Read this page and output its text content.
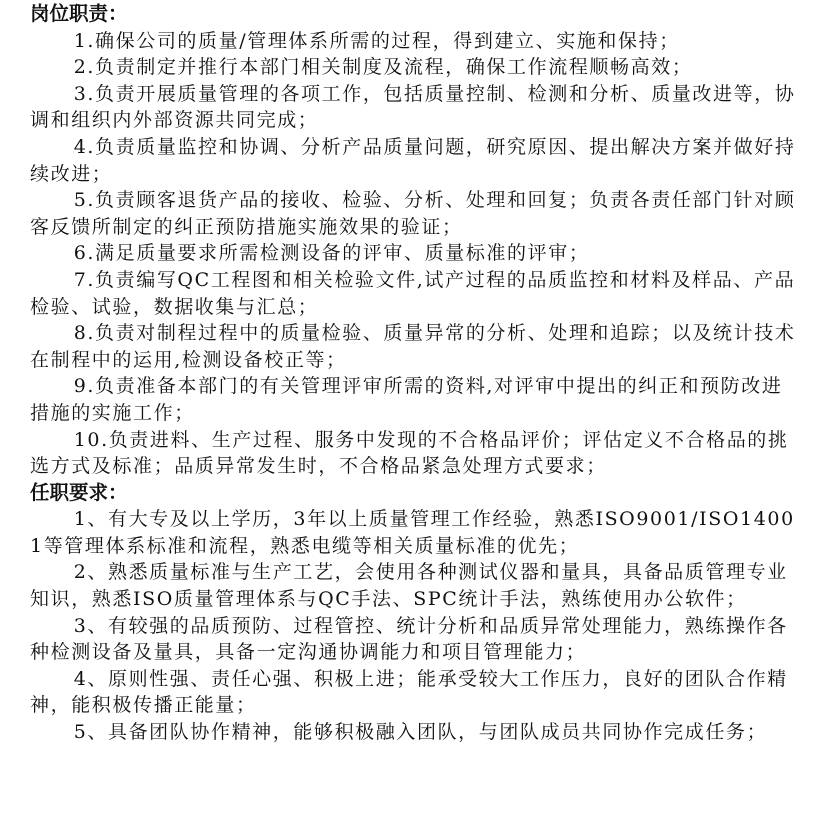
岗位职责：

1.确保公司的质量/管理体系所需的过程，得到建立、实施和保持；
2.负责制定并推行本部门相关制度及流程，确保工作流程顺畅高效；
3.负责开展质量管理的各项工作，包括质量控制、检测和分析、质量改进等，协调和组织内外部资源共同完成；
4.负责质量监控和协调、分析产品质量问题，研究原因、提出解决方案并做好持续改进；
5.负责顾客退货产品的接收、检验、分析、处理和回复；负责各责任部门针对顾客反馈所制定的纠正预防措施实施效果的验证；
6.满足质量要求所需检测设备的评审、质量标准的评审；
7.负责编写QC工程图和相关检验文件,试产过程的品质监控和材料及样品、产品检验、试验，数据收集与汇总；
8.负责对制程过程中的质量检验、质量异常的分析、处理和追踪；以及统计技术在制程中的运用,检测设备校正等；
9.负责准备本部门的有关管理评审所需的资料,对评审中提出的纠正和预防改进措施的实施工作；
10.负责进料、生产过程、服务中发现的不合格品评价；评估定义不合格品的挑选方式及标准；品质异常发生时，不合格品紧急处理方式要求；

任职要求：

1、有大专及以上学历，3年以上质量管理工作经验，熟悉ISO9001/ISO14001等管理体系标准和流程，熟悉电缆等相关质量标准的优先；
2、熟悉质量标准与生产工艺，会使用各种测试仪器和量具，具备品质管理专业知识，熟悉ISO质量管理体系与QC手法、SPC统计手法，熟练使用办公软件；
3、有较强的品质预防、过程管控、统计分析和品质异常处理能力，熟练操作各种检测设备及量具，具备一定沟通协调能力和项目管理能力；
4、原则性强、责任心强、积极上进；能承受较大工作压力，良好的团队合作精神，能积极传播正能量；
5、具备团队协作精神，能够积极融入团队，与团队成员共同协作完成任务；
